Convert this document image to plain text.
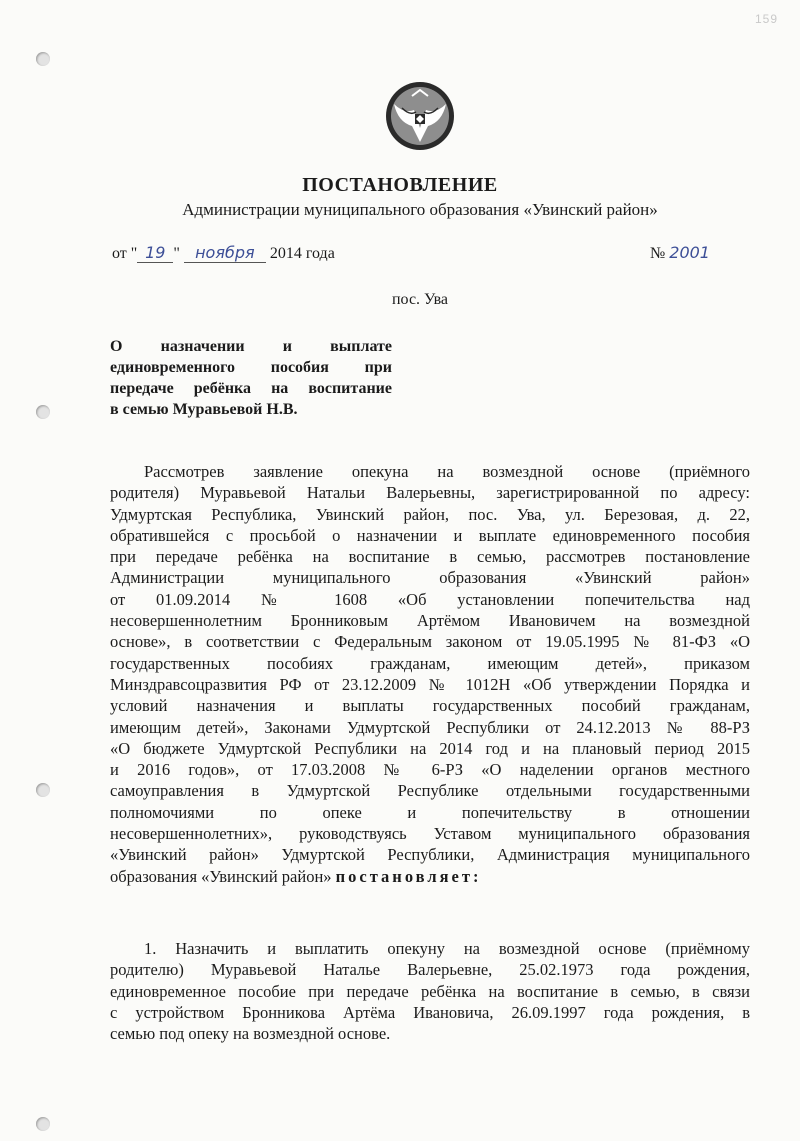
159
ПОСТАНОВЛЕНИЕ
Администрации муниципального образования «Увинский район»
от " 19 " ноября 2014 года	№ 2001
пос. Ува
О назначении и выплате
единовременного пособия при
передаче ребёнка на воспитание
в семью Муравьевой Н.В.
Рассмотрев заявление опекуна на возмездной основе (приёмного
родителя) Муравьевой Натальи Валерьевны, зарегистрированной по адресу:
Удмуртская Республика, Увинский район, пос. Ува, ул. Березовая, д. 22,
обратившейся с просьбой о назначении и выплате единовременного пособия
при передаче ребёнка на воспитание в семью, рассмотрев постановление
Администрации муниципального образования «Увинский район»
от 01.09.2014 № 1608 «Об установлении попечительства над
несовершеннолетним Бронниковым Артёмом Ивановичем на возмездной
основе», в соответствии с Федеральным законом от 19.05.1995 № 81-ФЗ «О
государственных пособиях гражданам, имеющим детей», приказом
Минздравсоцразвития РФ от 23.12.2009 № 1012Н «Об утверждении Порядка и
условий назначения и выплаты государственных пособий гражданам,
имеющим детей», Законами Удмуртской Республики от 24.12.2013 № 88-РЗ
«О бюджете Удмуртской Республики на 2014 год и на плановый период 2015
и 2016 годов», от 17.03.2008 № 6-РЗ «О наделении органов местного
самоуправления в Удмуртской Республике отдельными государственными
полномочиями по опеке и попечительству в отношении
несовершеннолетних», руководствуясь Уставом муниципального образования
«Увинский район» Удмуртской Республики, Администрация муниципального
образования «Увинский район» постановляет:
1. Назначить и выплатить опекуну на возмездной основе (приёмному
родителю) Муравьевой Наталье Валерьевне, 25.02.1973 года рождения,
единовременное пособие при передаче ребёнка на воспитание в семью, в связи
с устройством Бронникова Артёма Ивановича, 26.09.1997 года рождения, в
семью под опеку на возмездной основе.
